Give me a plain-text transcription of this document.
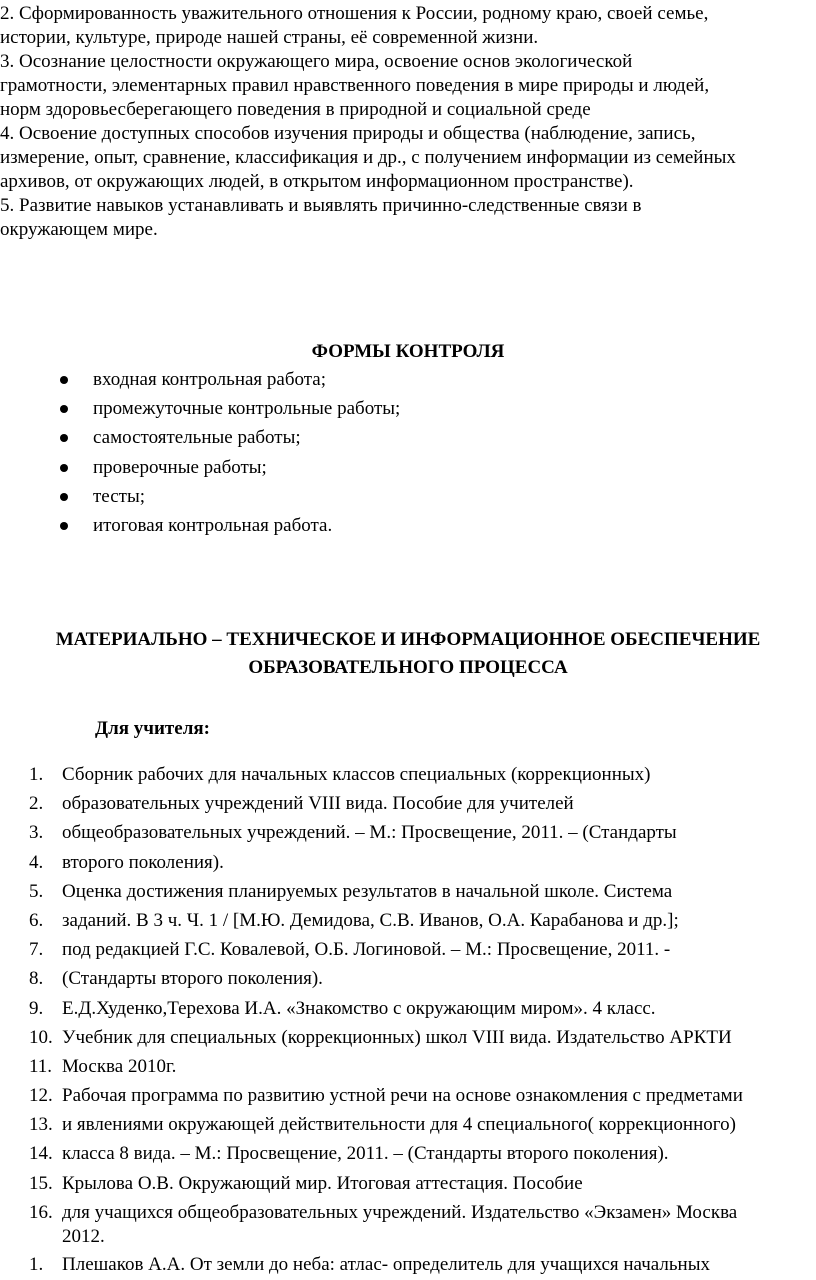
2. Сформированность уважительного отношения к России, родному краю, своей семье,
истории, культуре, природе нашей страны, её современной жизни.

3. Осознание целостности окружающего мира, освоение основ экологической
грамотности, элементарных правил нравственного поведения в мире природы и людей,
норм здоровьесберегающего поведения в природной и социальной среде

4. Освоение доступных способов изучения природы и общества (наблюдение, запись,
измерение, опыт, сравнение, классификация и др., с получением информации из семейных
архивов, от окружающих людей, в открытом информационном пространстве).

5. Развитие навыков устанавливать и выявлять причинно-следственные связи в
окружающем мире.

ФОРМЫ КОНТРОЛЯ
входная контрольная работа;
промежуточные контрольные работы;
самостоятельные работы;
проверочные работы;
тесты;
итоговая контрольная работа.
МАТЕРИАЛЬНО – ТЕХНИЧЕСКОЕ И ИНФОРМАЦИОННОЕ ОБЕСПЕЧЕНИЕ
ОБРАЗОВАТЕЛЬНОГО ПРОЦЕССА

Для учителя:

1. Сборник рабочих для начальных классов специальных (коррекционных)
2. образовательных учреждений VIII вида. Пособие для учителей
3. общеобразовательных учреждений. – М.: Просвещение, 2011. – (Стандарты
4. второго поколения).
5. Оценка достижения планируемых результатов в начальной школе. Система
6. заданий. В 3 ч. Ч. 1 / [М.Ю. Демидова, С.В. Иванов, О.А. Карабанова и др.];
7. под редакцией Г.С. Ковалевой, О.Б. Логиновой. – М.: Просвещение, 2011. -
8. (Стандарты второго поколения).
9. Е.Д.Худенко,Терехова И.А. «Знакомство с окружающим миром». 4 класс.
10. Учебник для специальных (коррекционных) школ VIII вида. Издательство АРКТИ
11. Москва 2010г.
12. Рабочая программа по развитию устной речи на основе ознакомления с предметами
13. и явлениями окружающей действительности для 4 специального( коррекционного)
14. класса 8 вида. – М.: Просвещение, 2011. – (Стандарты второго поколения).
15. Крылова О.В. Окружающий мир. Итоговая аттестация. Пособие
16. для учащихся общеобразовательных учреждений. Издательство «Экзамен» Москва
2012.
1. Плешаков А.А. От земли до неба: атлас- определитель для учащихся начальных
